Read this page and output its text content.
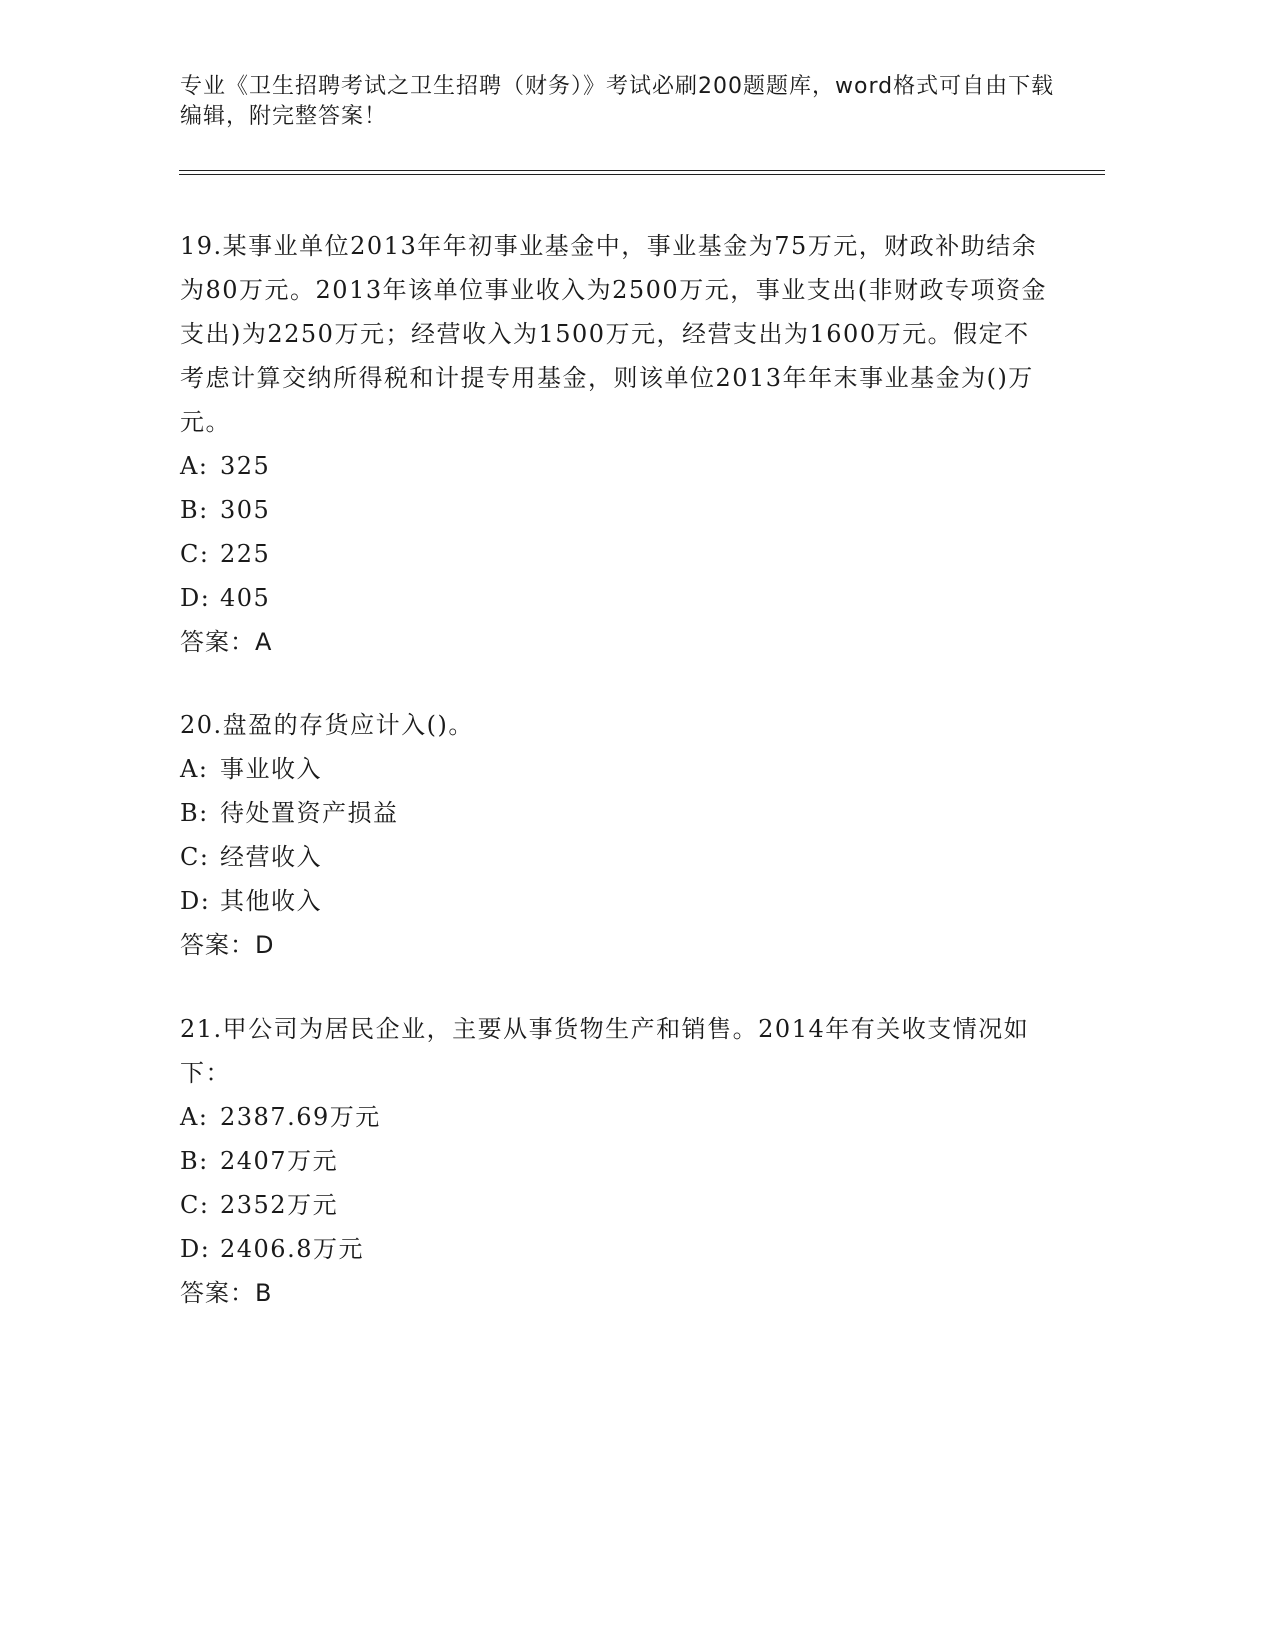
专业《卫生招聘考试之卫生招聘（财务）》考试必刷200题题库，word格式可自由下载编辑，附完整答案！

19.某事业单位2013年年初事业基金中，事业基金为75万元，财政补助结余为80万元。2013年该单位事业收入为2500万元，事业支出(非财政专项资金支出)为2250万元；经营收入为1500万元，经营支出为1600万元。假定不考虑计算交纳所得税和计提专用基金，则该单位2013年年末事业基金为()万元。

A: 325
B: 305
C: 225
D: 405
答案：A

20.盘盈的存货应计入()。

A: 事业收入
B: 待处置资产损益
C: 经营收入
D: 其他收入
答案：D

21.甲公司为居民企业，主要从事货物生产和销售。2014年有关收支情况如下：

A: 2387.69万元
B: 2407万元
C: 2352万元
D: 2406.8万元
答案：B
